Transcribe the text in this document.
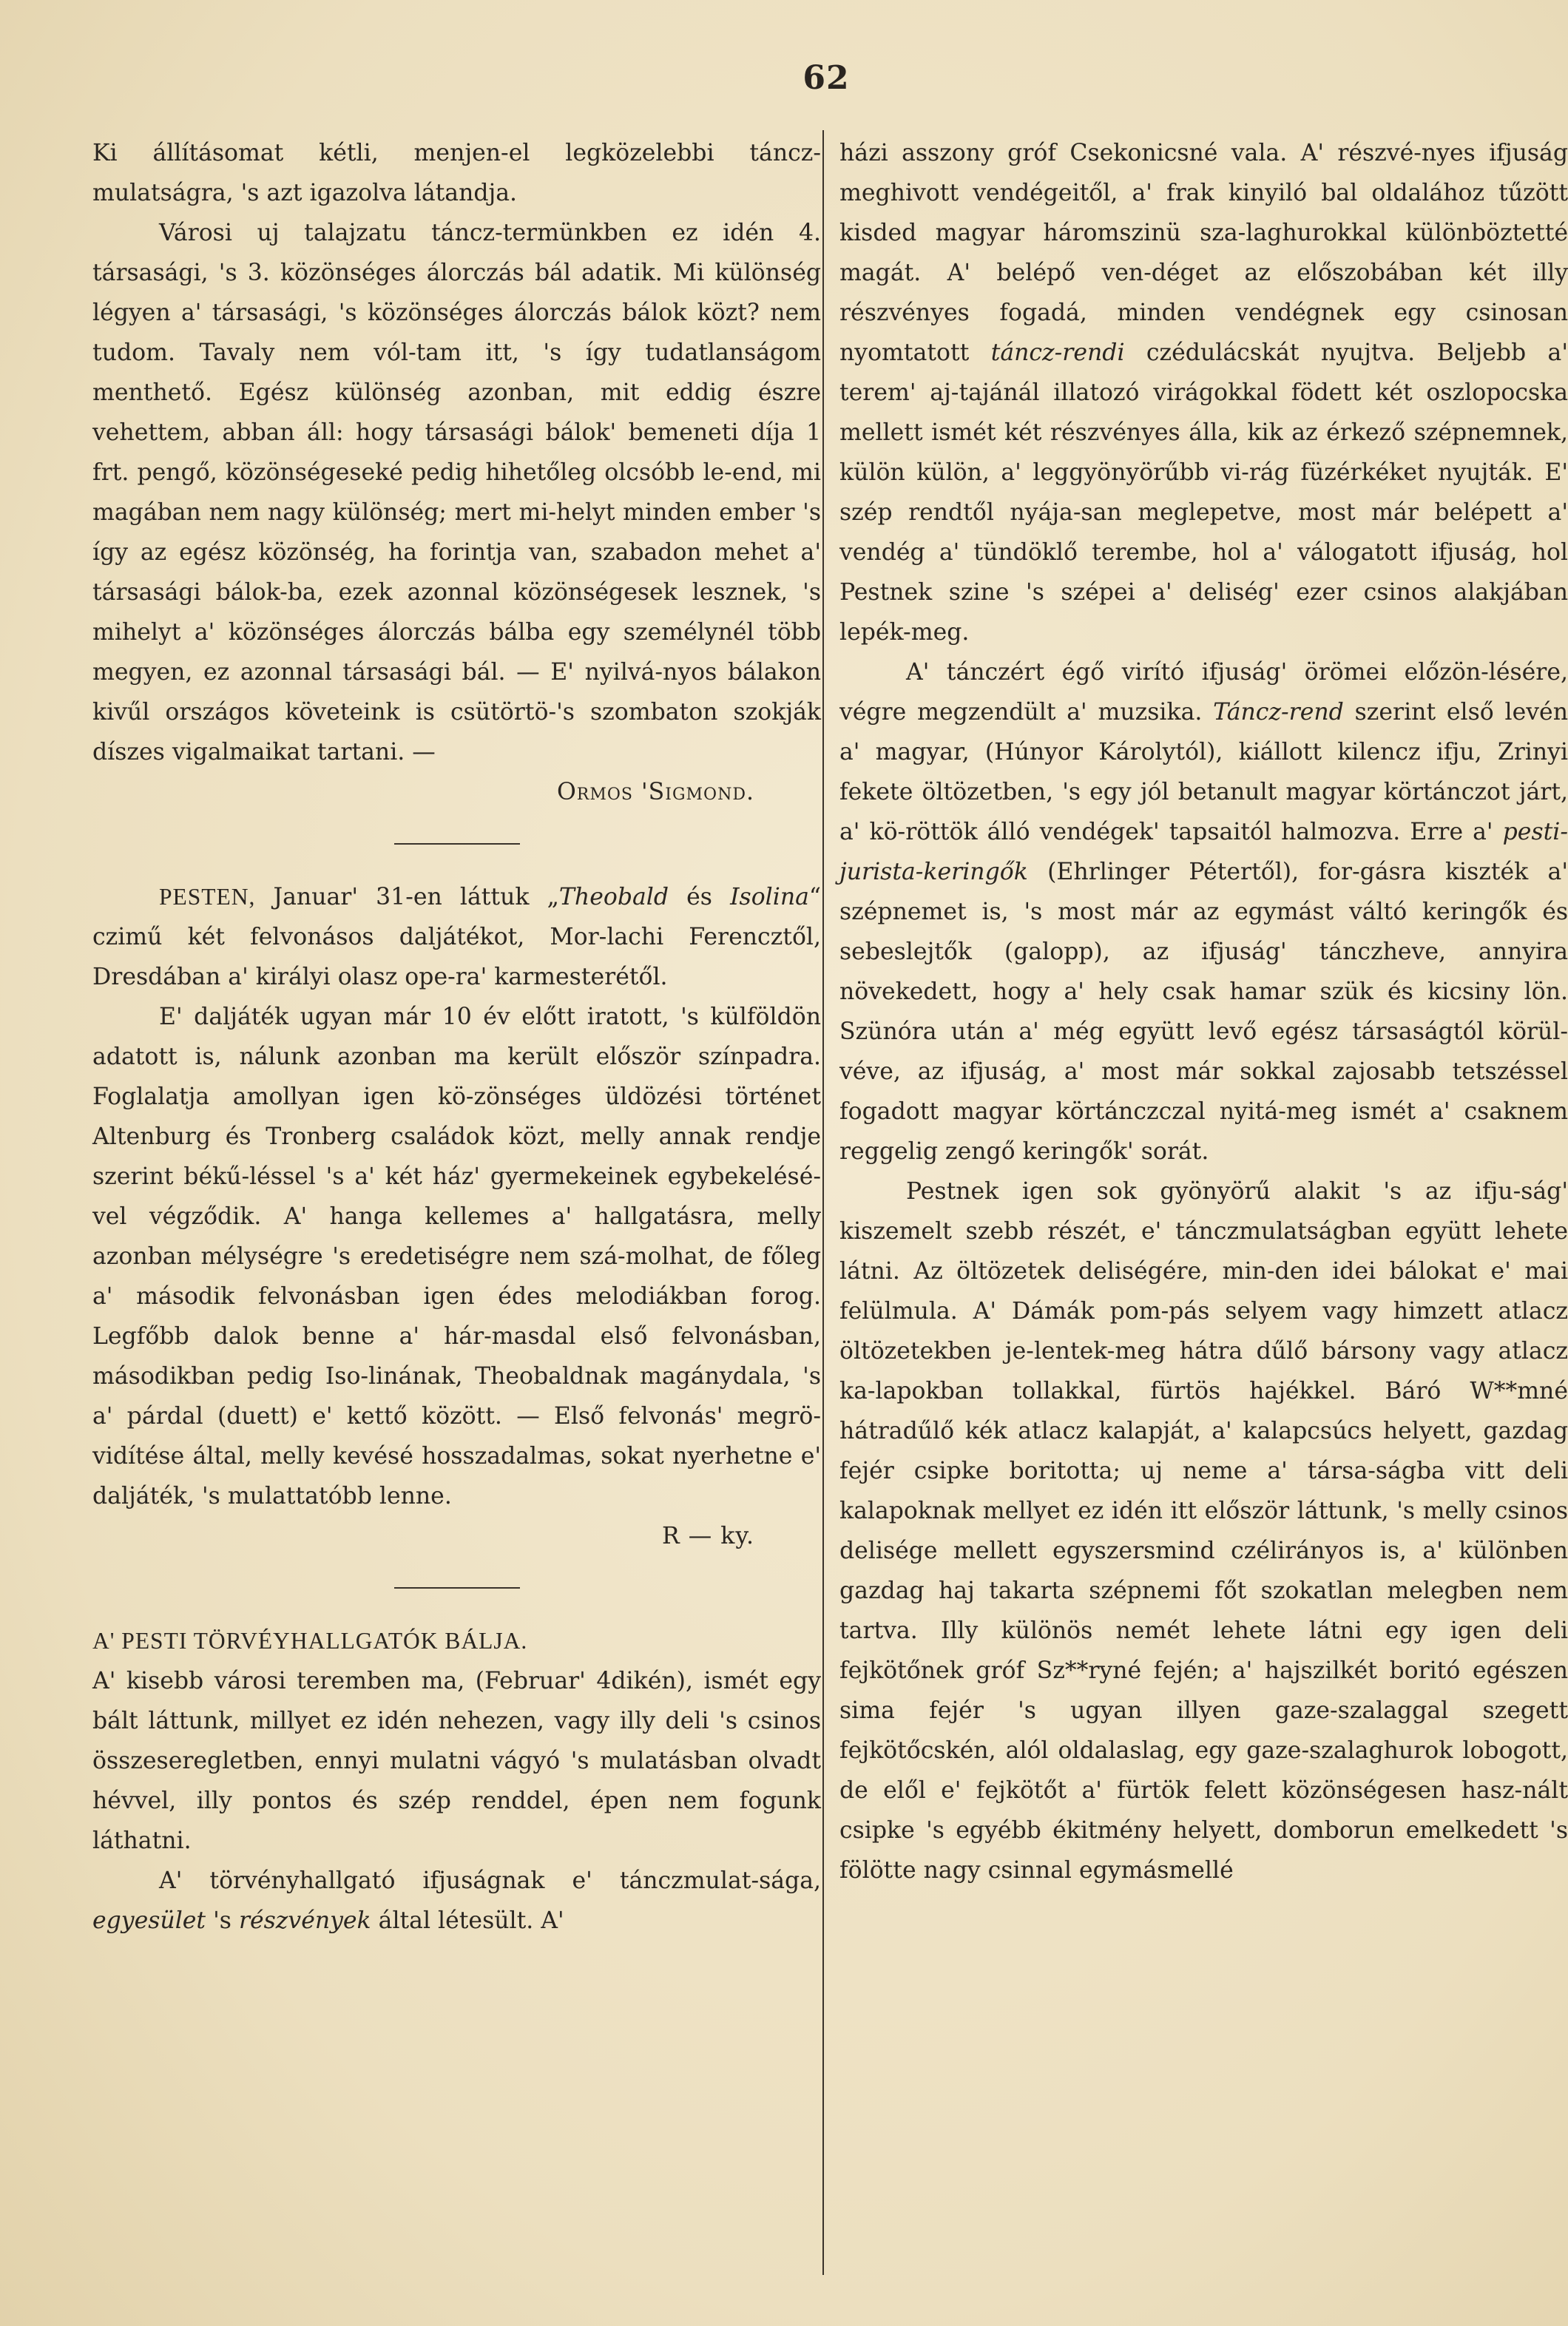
62

Ki állításomat kétli, menjen-el legközelebbi táncz-mulatságra, 's azt igazolva látandja.

Városi uj talajzatu táncz-termünkben ez idén 4. társasági, 's 3. közönséges álorczás bál adatik. Mi különség légyen a' társasági, 's közönséges álorczás bálok közt? nem tudom. Tavaly nem vól-tam itt, 's így tudatlanságom menthető. Egész különség azonban, mit eddig észre vehettem, abban áll: hogy társasági bálok' bemeneti díja 1 frt. pengő, közönségeseké pedig hihetőleg olcsóbb le-end, mi magában nem nagy különség; mert mi-helyt minden ember 's így az egész közönség, ha forintja van, szabadon mehet a' társasági bálok-ba, ezek azonnal közönségesek lesznek, 's mihelyt a' közönséges álorczás bálba egy személynél több megyen, ez azonnal társasági bál. — E' nyilvá-nyos bálakon kivűl országos követeink is csütörtö-'s szombaton szokják díszes vigalmaikat tartani. —

Ormos 'Sigmond.

PESTEN, Januar' 31-en láttuk „Theobald és Isolina“ czimű két felvonásos daljátékot, Mor-lachi Ferencztől, Dresdában a' királyi olasz ope-ra' karmesterétől.

E' daljáték ugyan már 10 év előtt iratott, 's külföldön adatott is, nálunk azonban ma került először színpadra. Foglalatja amollyan igen kö-zönséges üldözési történet Altenburg és Tronberg családok közt, melly annak rendje szerint békű-léssel 's a' két ház' gyermekeinek egybekelésé-vel végződik. A' hanga kellemes a' hallgatásra, melly azonban mélységre 's eredetiségre nem szá-molhat, de főleg a' második felvonásban igen édes melodiákban forog. Legfőbb dalok benne a' hár-masdal első felvonásban, másodikban pedig Iso-linának, Theobaldnak magánydala, 's a' párdal (duett) e' kettő között. — Első felvonás' megrö-vidítése által, melly kevésé hosszadalmas, sokat nyerhetne e' daljáték, 's mulattatóbb lenne.

R — ky.

A' PESTI TÖRVÉYHALLGATÓK BÁLJA.

A' kisebb városi teremben ma, (Februar' 4dikén), ismét egy bált láttunk, millyet ez idén nehezen, vagy illy deli 's csinos összeseregletben, ennyi mulatni vágyó 's mulatásban olvadt hévvel, illy pontos és szép renddel, épen nem fogunk láthatni.

A' törvényhallgató ifjuságnak e' tánczmulat-sága, egyesület 's részvények által létesült. A'

házi asszony gróf Csekonicsné vala. A' részvé-nyes ifjuság meghivott vendégeitől, a' frak kinyiló bal oldalához tűzött kisded magyar háromszinü sza-laghurokkal különböztetté magát. A' belépő ven-déget az előszobában két illy részvényes fogadá, minden vendégnek egy csinosan nyomtatott táncz-rendi czédulácskát nyujtva. Beljebb a' terem' aj-tajánál illatozó virágokkal födett két oszlopocska mellett ismét két részvényes álla, kik az érkező szépnemnek, külön külön, a' leggyönyörűbb vi-rág füzérkéket nyujták. E' szép rendtől nyája-san meglepetve, most már belépett a' vendég a' tündöklő terembe, hol a' válogatott ifjuság, hol Pestnek szine 's szépei a' deliség' ezer csinos alakjában lepék-meg.

A' tánczért égő virító ifjuság' örömei előzön-lésére, végre megzendült a' muzsika. Táncz-rend szerint első levén a' magyar, (Húnyor Károlytól), kiállott kilencz ifju, Zrinyi fekete öltözetben, 's egy jól betanult magyar körtánczot járt, a' kö-röttök álló vendégek' tapsaitól halmozva. Erre a' pesti-jurista-keringők (Ehrlinger Pétertől), for-gásra kiszték a' szépnemet is, 's most már az egymást váltó keringők és sebeslejtők (galopp), az ifjuság' tánczheve, annyira növekedett, hogy a' hely csak hamar szük és kicsiny lön. Szünóra után a' még együtt levő egész társaságtól körül-véve, az ifjuság, a' most már sokkal zajosabb tetszéssel fogadott magyar körtánczczal nyitá-meg ismét a' csaknem reggelig zengő keringők' sorát.

Pestnek igen sok gyönyörű alakit 's az ifju-ság' kiszemelt szebb részét, e' tánczmulatságban együtt lehete látni. Az öltözetek deliségére, min-den idei bálokat e' mai felülmula. A' Dámák pom-pás selyem vagy himzett atlacz öltözetekben je-lentek-meg hátra dűlő bársony vagy atlacz ka-lapokban tollakkal, fürtös hajékkel. Báró W**mné hátradűlő kék atlacz kalapját, a' kalapcsúcs helyett, gazdag fejér csipke boritotta; uj neme a' társa-ságba vitt deli kalapoknak mellyet ez idén itt először láttunk, 's melly csinos delisége mellett egyszersmind czélirányos is, a' különben gazdag haj takarta szépnemi főt szokatlan melegben nem tartva. Illy különös nemét lehete látni egy igen deli fejkötőnek gróf Sz**ryné fején; a' hajszilkét boritó egészen sima fejér 's ugyan illyen gaze-szalaggal szegett fejkötőcskén, alól oldalaslag, egy gaze-szalaghurok lobogott, de elől e' fejkötőt a' fürtök felett közönségesen hasz-nált csipke 's egyébb ékitmény helyett, domborun emelkedett 's fölötte nagy csinnal egymásmellé
